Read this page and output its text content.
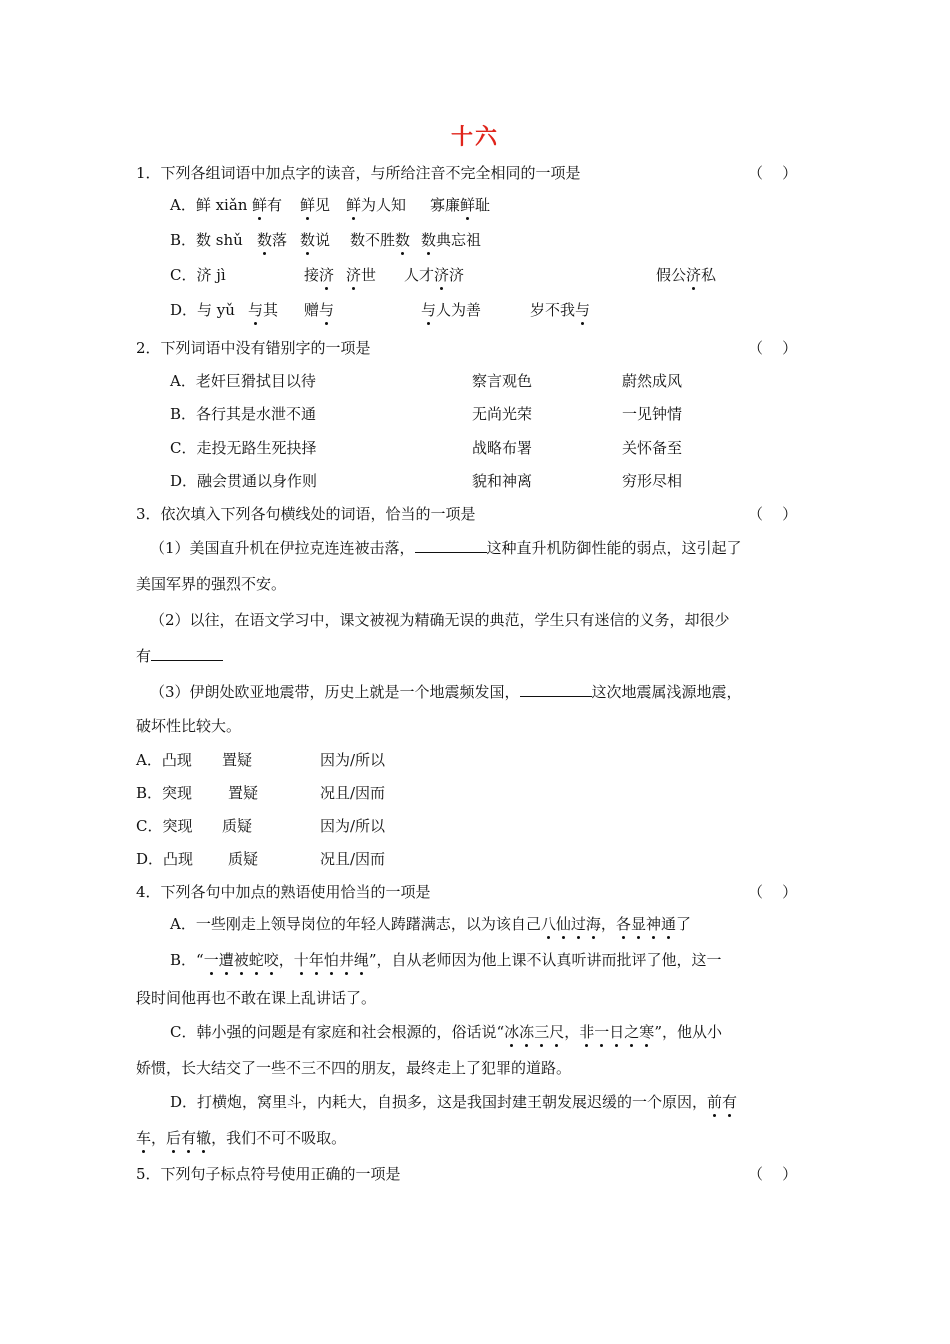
十六
1．下列各组词语中加点字的读音，与所给注音不完全相同的一项是	（    ）
A．鲜 xiǎn 鲜有 鲜见 鲜为人知 寡廉鲜耻
B．数 shǔ 数落 数说 数不胜数 数典忘祖
C．济 jì	接济 济世 人才济济	假公济私
D．与 yǔ 与其 赠与	与人为善	岁不我与
2．下列词语中没有错别字的一项是	（    ）
A．老奸巨猾拭目以待	察言观色	蔚然成风
B．各行其是水泄不通	无尚光荣	一见钟情
C．走投无路生死抉择	战略布署	关怀备至
D．融会贯通以身作则	貌和神离	穷形尽相
3．依次填入下列各句横线处的词语，恰当的一项是	（    ）
（1）美国直升机在伊拉克连连被击落，	这种直升机防御性能的弱点，这引起了
美国军界的强烈不安。
（2）以往，在语文学习中，课文被视为精确无误的典范，学生只有迷信的义务，却很少
有
（3）伊朗处欧亚地震带，历史上就是一个地震频发国，	这次地震属浅源地震，
破坏性比较大。
A．凸现 置疑	因为/所以
B．突现 置疑	况且/因而
C．突现 质疑	因为/所以
D．凸现 质疑	况且/因而
4．下列各句中加点的熟语使用恰当的一项是	（    ）
A．一些刚走上领导岗位的年轻人踌躇满志，以为该自己八仙过海，各显神通了
B．“一遭被蛇咬，十年怕井绳”，自从老师因为他上课不认真听讲而批评了他，这一
段时间他再也不敢在课上乱讲话了。
C．韩小强的问题是有家庭和社会根源的，俗话说“冰冻三尺，非一日之寒”，他从小
娇惯，长大结交了一些不三不四的朋友，最终走上了犯罪的道路。
D．打横炮，窝里斗，内耗大，自损多，这是我国封建王朝发展迟缓的一个原因，前有
车，后有辙，我们不可不吸取。
5．下列句子标点符号使用正确的一项是	（    ）
